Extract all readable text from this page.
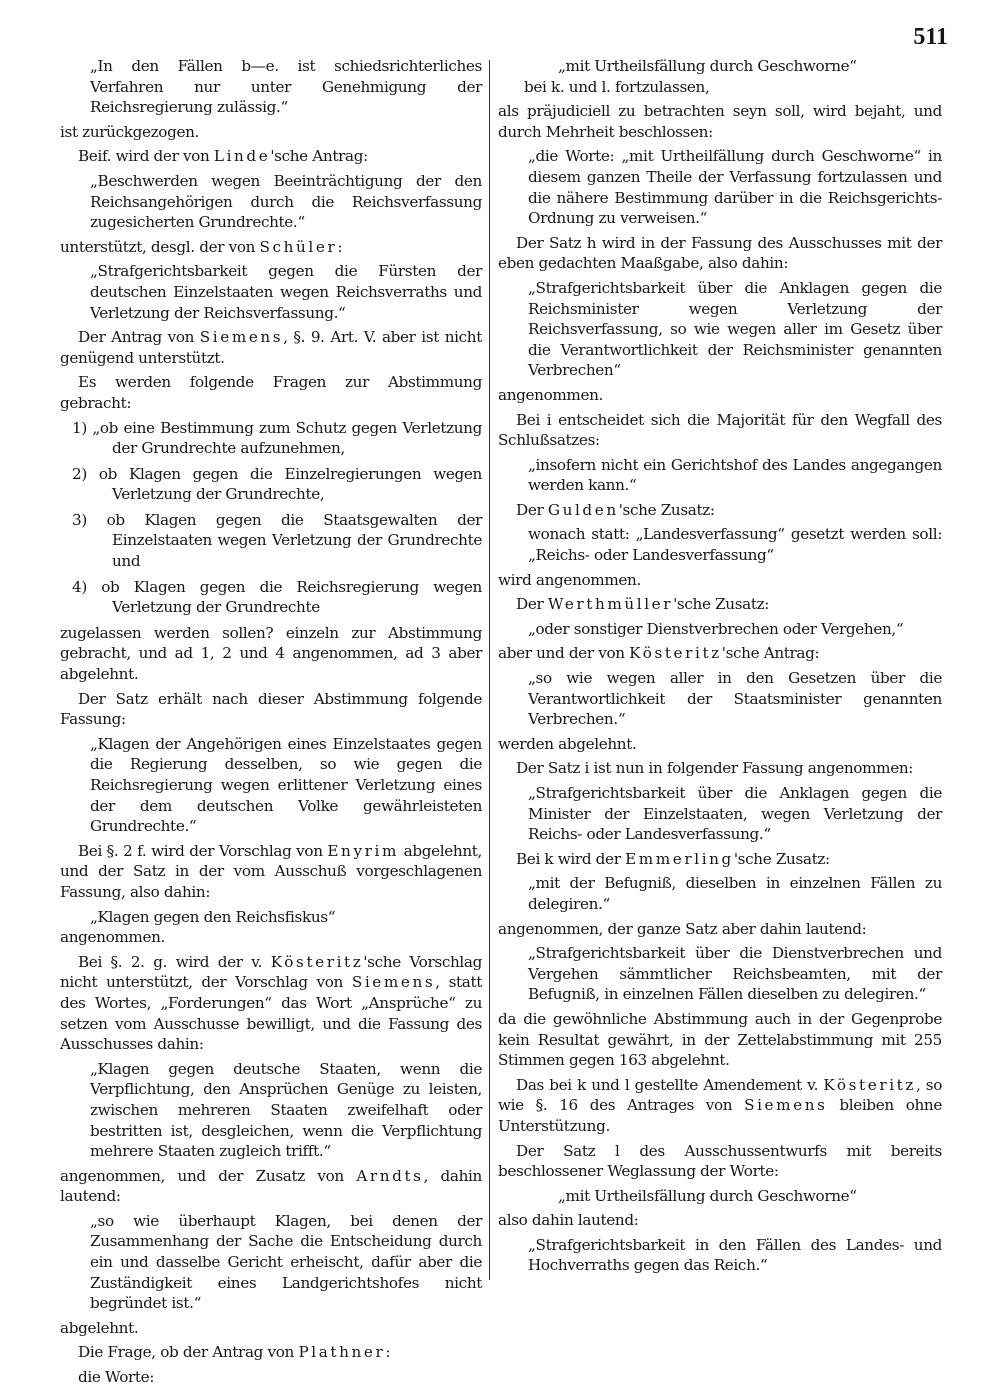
511

„In den Fällen b—e. ist schiedsrichterliches Verfahren nur unter Genehmigung der Reichsregierung zulässig.“

ist zurückgezogen.

Beif. wird der von Linde'sche Antrag:

„Beschwerden wegen Beeinträchtigung der den Reichsangehörigen durch die Reichsverfassung zugesicherten Grundrechte.“

unterstützt, desgl. der von Schüler:

„Strafgerichtsbarkeit gegen die Fürsten der deutschen Einzelstaaten wegen Reichsverraths und Verletzung der Reichsverfassung.“

Der Antrag von Siemens, §. 9. Art. V. aber ist nicht genügend unterstützt.

Es werden folgende Fragen zur Abstimmung gebracht:

1) „ob eine Bestimmung zum Schutz gegen Verletzung der Grundrechte aufzunehmen,

2) ob Klagen gegen die Einzelregierungen wegen Verletzung der Grundrechte,

3) ob Klagen gegen die Staatsgewalten der Einzelstaaten wegen Verletzung der Grundrechte und

4) ob Klagen gegen die Reichsregierung wegen Verletzung der Grundrechte

zugelassen werden sollen? einzeln zur Abstimmung gebracht, und ad 1, 2 und 4 angenommen, ad 3 aber abgelehnt.

Der Satz erhält nach dieser Abstimmung folgende Fassung:

„Klagen der Angehörigen eines Einzelstaates gegen die Regierung desselben, so wie gegen die Reichsregierung wegen erlittener Verletzung eines der dem deutschen Volke gewährleisteten Grundrechte.“

Bei §. 2 f. wird der Vorschlag von Enyrim abgelehnt, und der Satz in der vom Ausschuß vorgeschlagenen Fassung, also dahin:

„Klagen gegen den Reichsfiskus“

angenommen.

Bei §. 2. g. wird der v. Kösteritz'sche Vorschlag nicht unterstützt, der Vorschlag von Siemens, statt des Wortes, „Forderungen“ das Wort „Ansprüche“ zu setzen vom Ausschusse bewilligt, und die Fassung des Ausschusses dahin:

„Klagen gegen deutsche Staaten, wenn die Verpflichtung, den Ansprüchen Genüge zu leisten, zwischen mehreren Staaten zweifelhaft oder bestritten ist, desgleichen, wenn die Verpflichtung mehrere Staaten zugleich trifft.“

angenommen, und der Zusatz von Arndts, dahin lautend:

„so wie überhaupt Klagen, bei denen der Zusammenhang der Sache die Entscheidung durch ein und dasselbe Gericht erheischt, dafür aber die Zuständigkeit eines Landgerichtshofes nicht begründet ist.“

abgelehnt.

Die Frage, ob der Antrag von Plathner:

die Worte:

„mit Urtheilsfällung durch Geschworne“

bei k. und l. fortzulassen,

als präjudiciell zu betrachten seyn soll, wird bejaht, und durch Mehrheit beschlossen:

„die Worte: „mit Urtheilfällung durch Geschworne“ in diesem ganzen Theile der Verfassung fortzulassen und die nähere Bestimmung darüber in die Reichsgerichts-Ordnung zu verweisen.“

Der Satz h wird in der Fassung des Ausschusses mit der eben gedachten Maaßgabe, also dahin:

„Strafgerichtsbarkeit über die Anklagen gegen die Reichsminister wegen Verletzung der Reichsverfassung, so wie wegen aller im Gesetz über die Verantwortlichkeit der Reichsminister genannten Verbrechen“

angenommen.

Bei i entscheidet sich die Majorität für den Wegfall des Schlußsatzes:

„insofern nicht ein Gerichtshof des Landes angegangen werden kann.“

Der Gulden'sche Zusatz:

wonach statt: „Landesverfassung“ gesetzt werden soll: „Reichs- oder Landesverfassung“

wird angenommen.

Der Werthmüller'sche Zusatz:

„oder sonstiger Dienstverbrechen oder Vergehen,“

aber und der von Kösteritz'sche Antrag:

„so wie wegen aller in den Gesetzen über die Verantwortlichkeit der Staatsminister genannten Verbrechen.“

werden abgelehnt.

Der Satz i ist nun in folgender Fassung angenommen:

„Strafgerichtsbarkeit über die Anklagen gegen die Minister der Einzelstaaten, wegen Verletzung der Reichs- oder Landesverfassung.“

Bei k wird der Emmerling'sche Zusatz:

„mit der Befugniß, dieselben in einzelnen Fällen zu delegiren.“

angenommen, der ganze Satz aber dahin lautend:

„Strafgerichtsbarkeit über die Dienstverbrechen und Vergehen sämmtlicher Reichsbeamten, mit der Befugniß, in einzelnen Fällen dieselben zu delegiren.“

da die gewöhnliche Abstimmung auch in der Gegenprobe kein Resultat gewährt, in der Zettelabstimmung mit 255 Stimmen gegen 163 abgelehnt.

Das bei k und l gestellte Amendement v. Kösteritz, so wie §. 16 des Antrages von Siemens bleiben ohne Unterstützung.

Der Satz l des Ausschussentwurfs mit bereits beschlossener Weglassung der Worte:

„mit Urtheilsfällung durch Geschworne“

also dahin lautend:

„Strafgerichtsbarkeit in den Fällen des Landes- und Hochverraths gegen das Reich.“
